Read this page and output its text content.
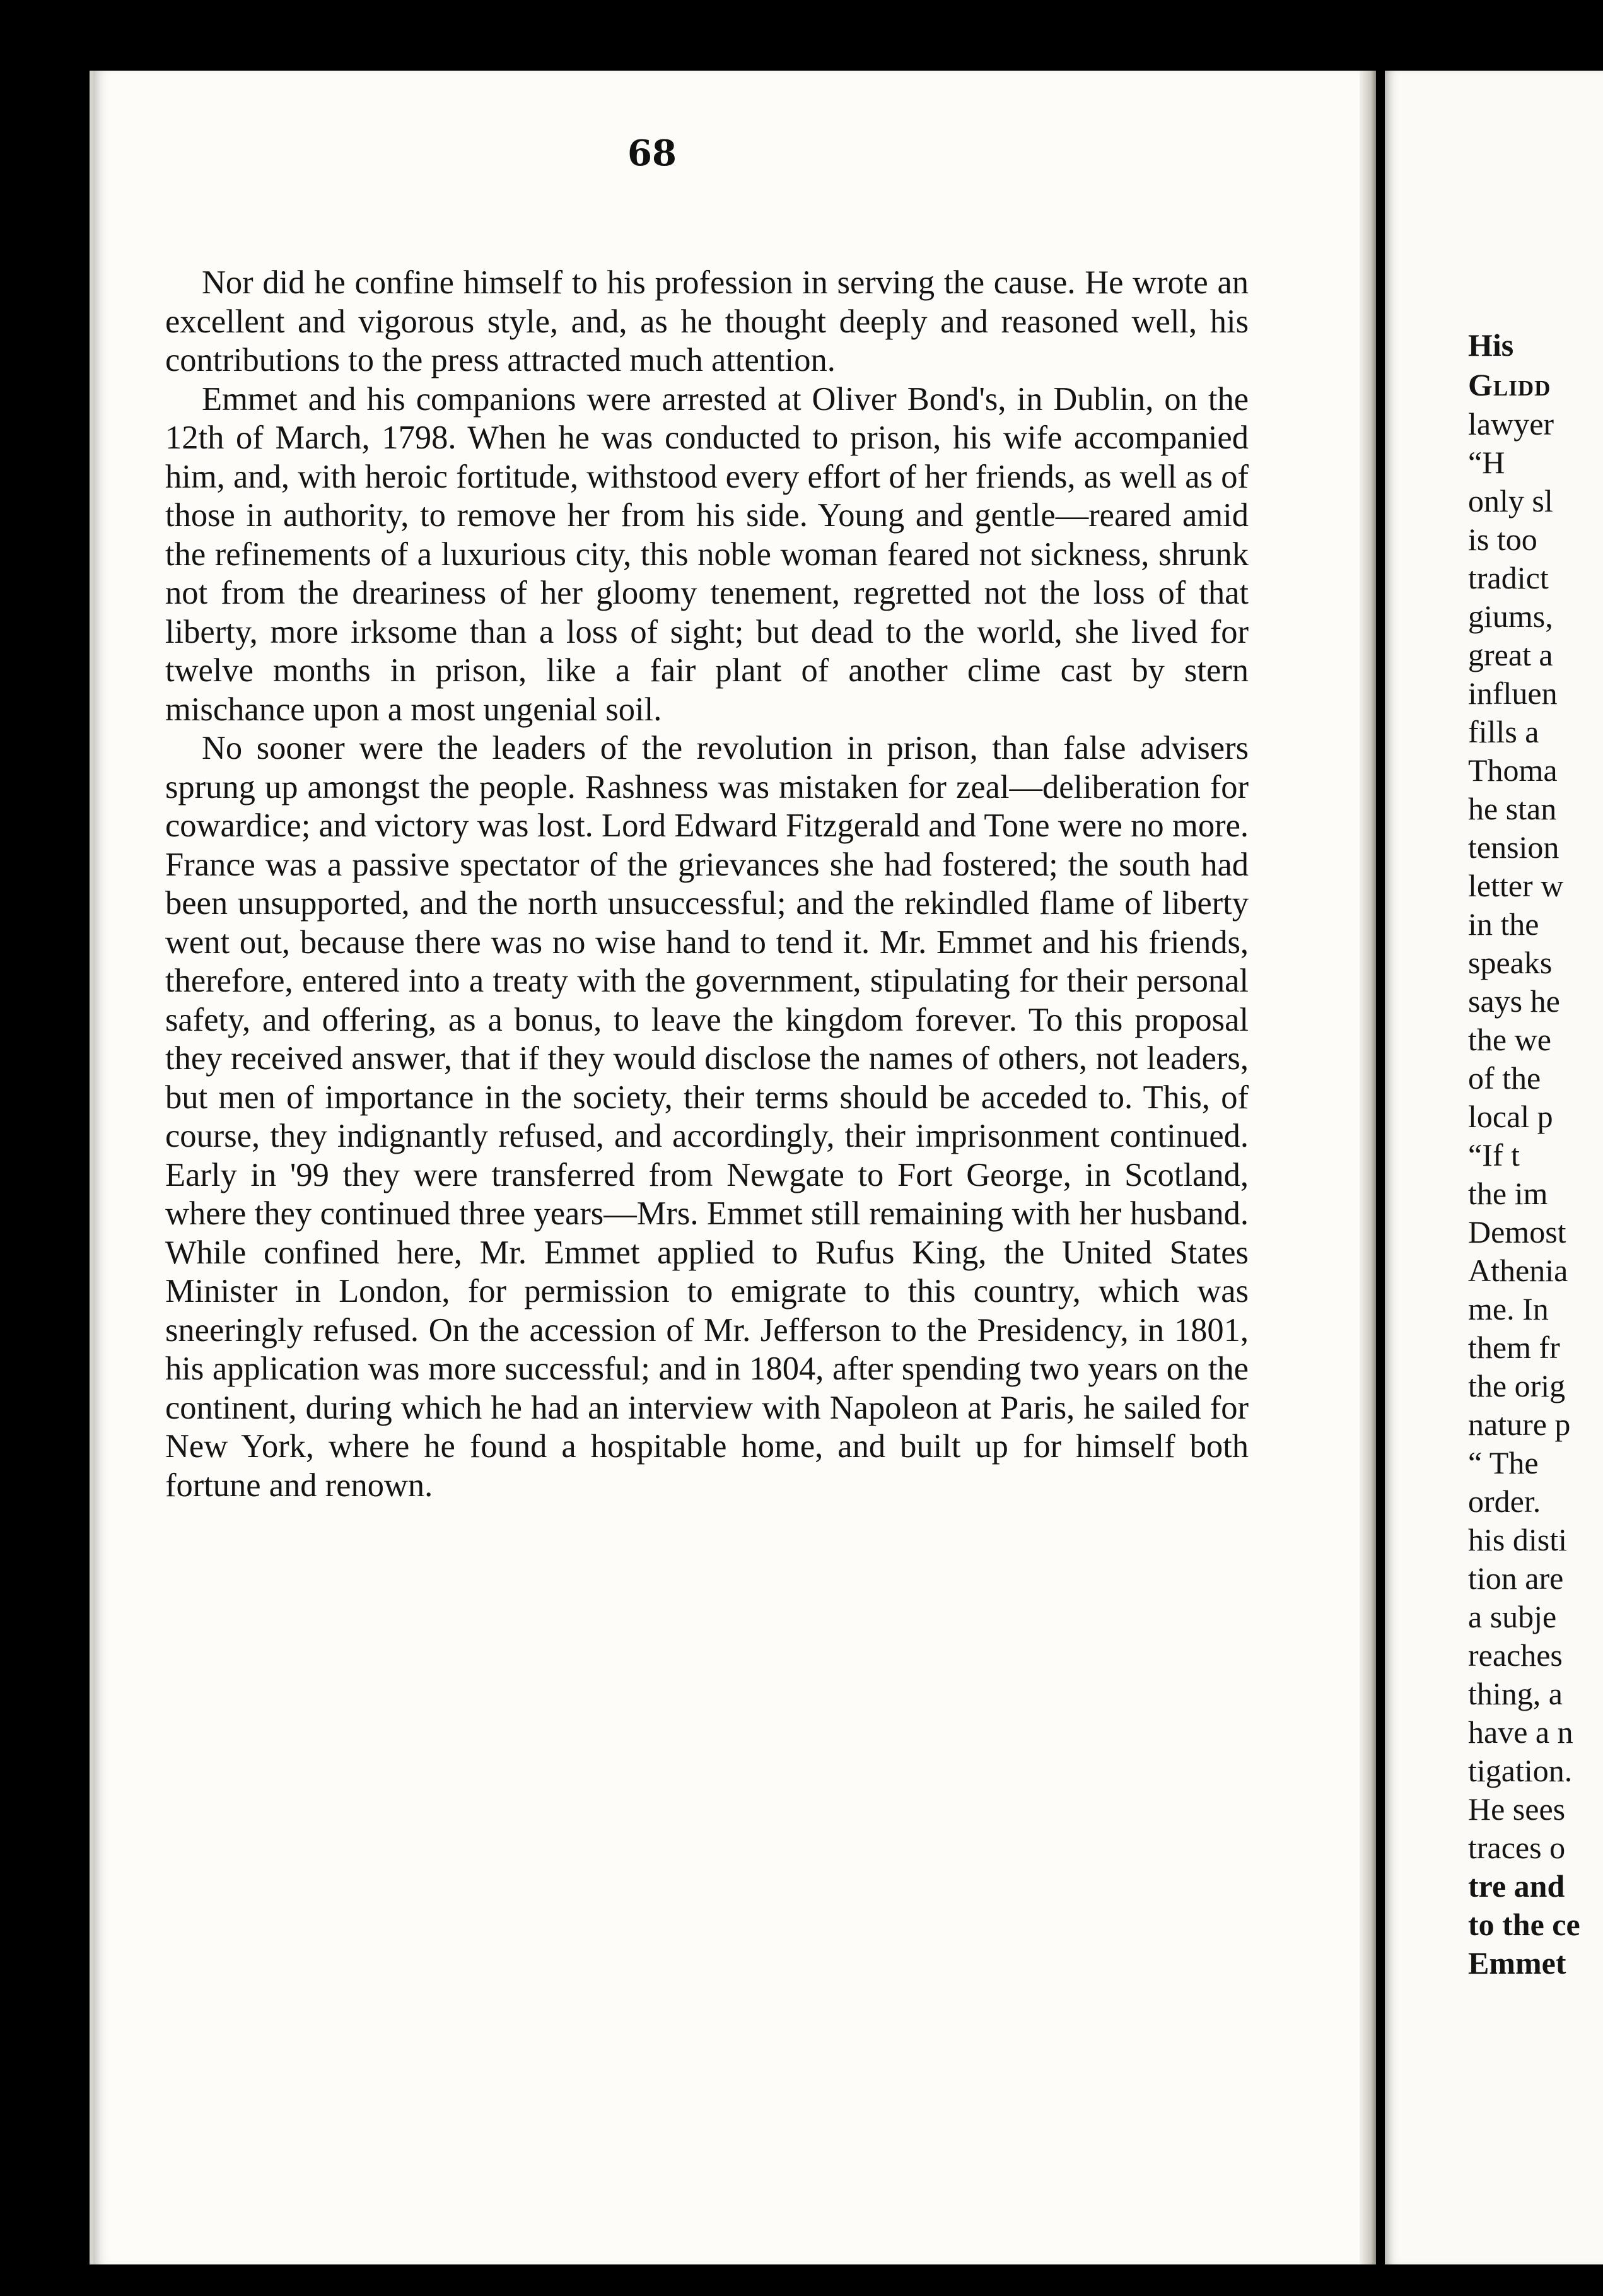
68

Nor did he confine himself to his profession in serving the cause. He wrote an excellent and vigorous style, and, as he thought deeply and reasoned well, his contributions to the press attracted much attention.

Emmet and his companions were arrested at Oliver Bond's, in Dublin, on the 12th of March, 1798. When he was conducted to prison, his wife accompanied him, and, with heroic fortitude, withstood every effort of her friends, as well as of those in authority, to remove her from his side. Young and gentle—reared amid the refinements of a luxurious city, this noble woman feared not sickness, shrunk not from the dreariness of her gloomy tenement, regretted not the loss of that liberty, more irksome than a loss of sight; but dead to the world, she lived for twelve months in prison, like a fair plant of another clime cast by stern mischance upon a most ungenial soil.

No sooner were the leaders of the revolution in prison, than false advisers sprung up amongst the people. Rashness was mistaken for zeal—deliberation for cowardice; and victory was lost. Lord Edward Fitzgerald and Tone were no more. France was a passive spectator of the grievances she had fostered; the south had been unsupported, and the north unsuccessful; and the rekindled flame of liberty went out, because there was no wise hand to tend it. Mr. Emmet and his friends, therefore, entered into a treaty with the government, stipulating for their personal safety, and offering, as a bonus, to leave the kingdom forever. To this proposal they received answer, that if they would disclose the names of others, not leaders, but men of importance in the society, their terms should be acceded to. This, of course, they indignantly refused, and accordingly, their imprisonment continued. Early in '99 they were transferred from Newgate to Fort George, in Scotland, where they continued three years—Mrs. Emmet still remaining with her husband. While confined here, Mr. Emmet applied to Rufus King, the United States Minister in London, for permission to emigrate to this country, which was sneeringly refused. On the accession of Mr. Jefferson to the Presidency, in 1801, his application was more successful; and in 1804, after spending two years on the continent, during which he had an interview with Napoleon at Paris, he sailed for New York, where he found a hospitable home, and built up for himself both fortune and renown.

His
Glidd
lawyer
“H
only sl
is too
tradict
giums,
great a
influen
fills a
Thoma
he stan
tension
letter w
in the
speaks
says he
the we
of the
local p
“If t
the im
Demost
Athenia
me. In
them fr
the orig
nature p
“ The
order.
his disti
tion are
a subje
reaches
thing, a
have a n
tigation.
He sees
traces o
tre and
to the ce
Emmet
